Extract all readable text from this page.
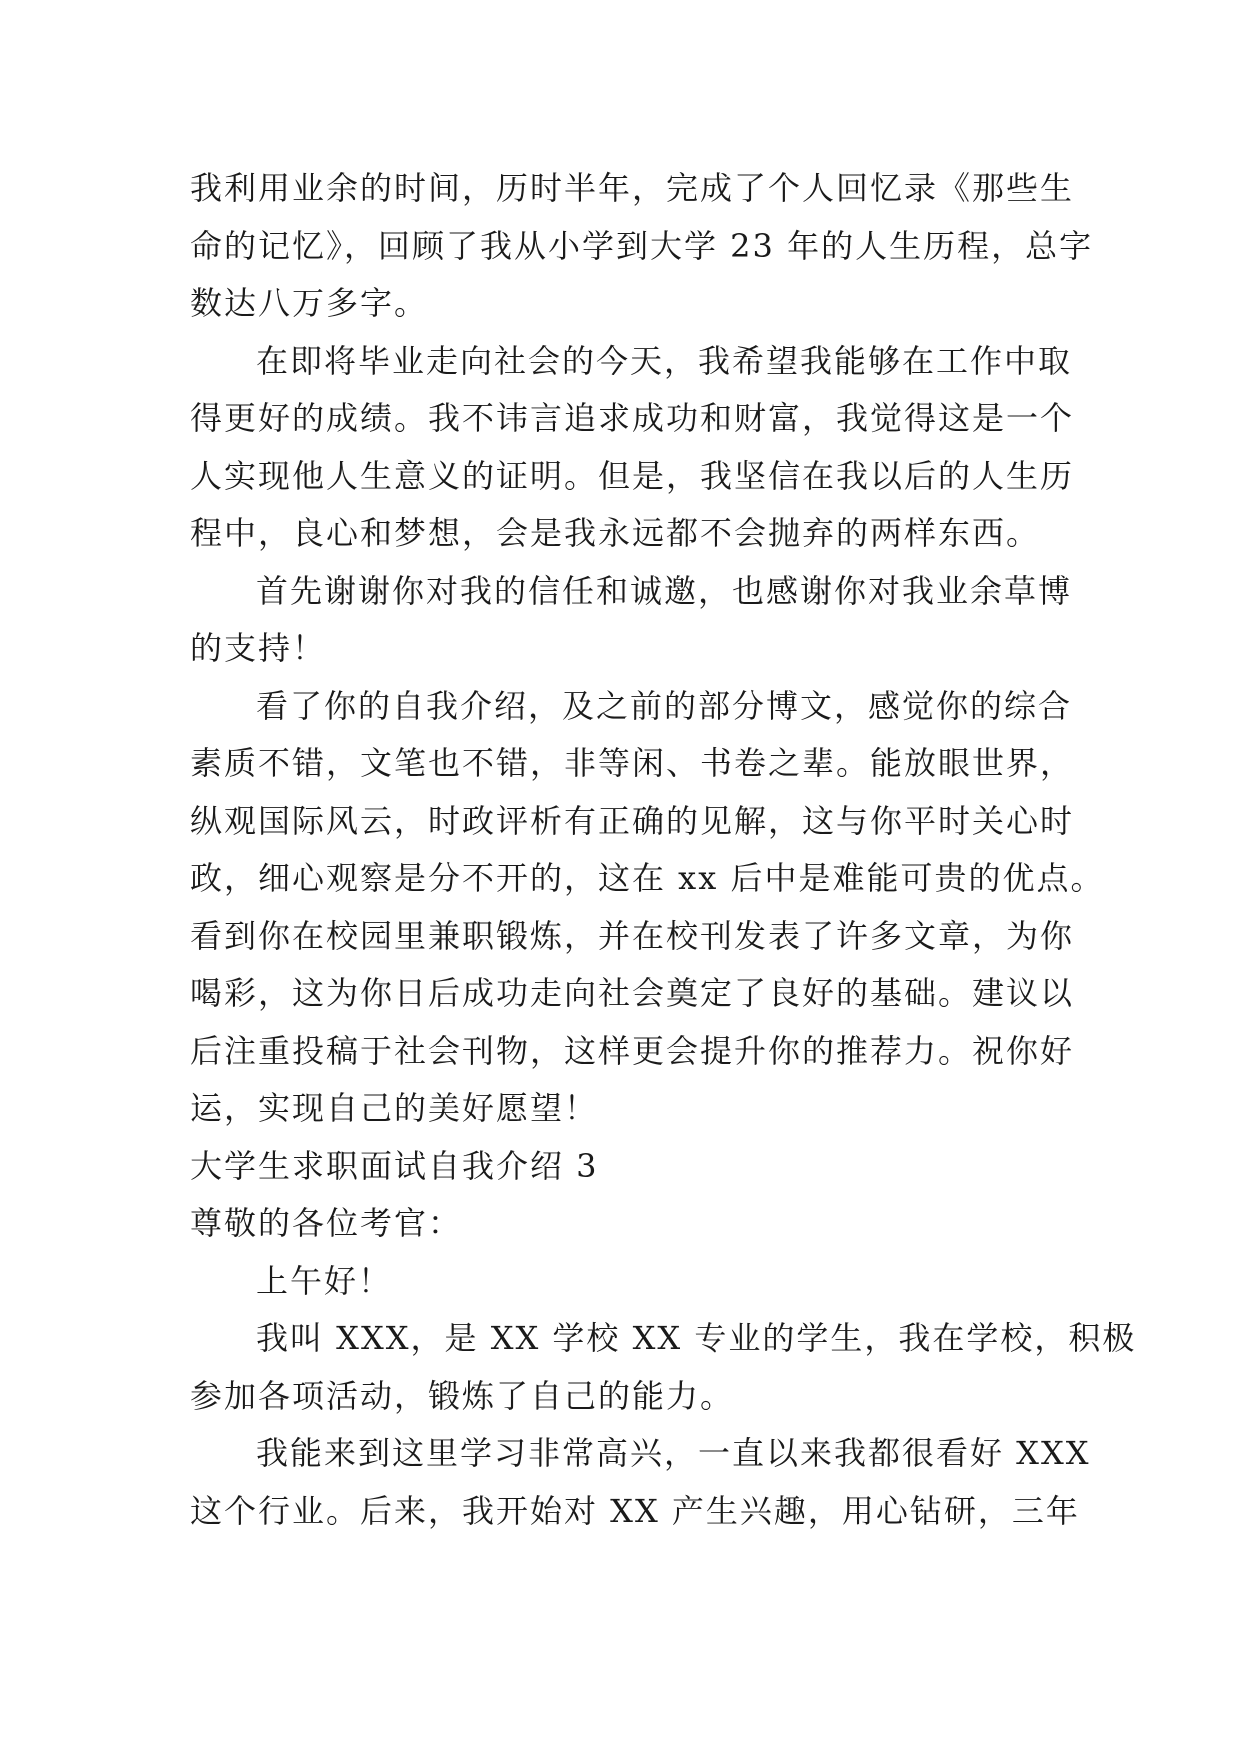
我利用业余的时间，历时半年，完成了个人回忆录《那些生
命的记忆》，回顾了我从小学到大学 23 年的人生历程，总字
数达八万多字。
在即将毕业走向社会的今天，我希望我能够在工作中取
得更好的成绩。我不讳言追求成功和财富，我觉得这是一个
人实现他人生意义的证明。但是，我坚信在我以后的人生历
程中，良心和梦想，会是我永远都不会抛弃的两样东西。
首先谢谢你对我的信任和诚邀，也感谢你对我业余草博
的支持！
看了你的自我介绍，及之前的部分博文，感觉你的综合
素质不错，文笔也不错，非等闲、书卷之辈。能放眼世界，
纵观国际风云，时政评析有正确的见解，这与你平时关心时
政，细心观察是分不开的，这在 xx 后中是难能可贵的优点。
看到你在校园里兼职锻炼，并在校刊发表了许多文章，为你
喝彩，这为你日后成功走向社会奠定了良好的基础。建议以
后注重投稿于社会刊物，这样更会提升你的推荐力。祝你好
运，实现自己的美好愿望！
大学生求职面试自我介绍 3
尊敬的各位考官：
上午好！
我叫 XXX，是 XX 学校 XX 专业的学生，我在学校，积极
参加各项活动，锻炼了自己的能力。
我能来到这里学习非常高兴，一直以来我都很看好 XXX
这个行业。后来，我开始对 XX 产生兴趣，用心钻研，三年
